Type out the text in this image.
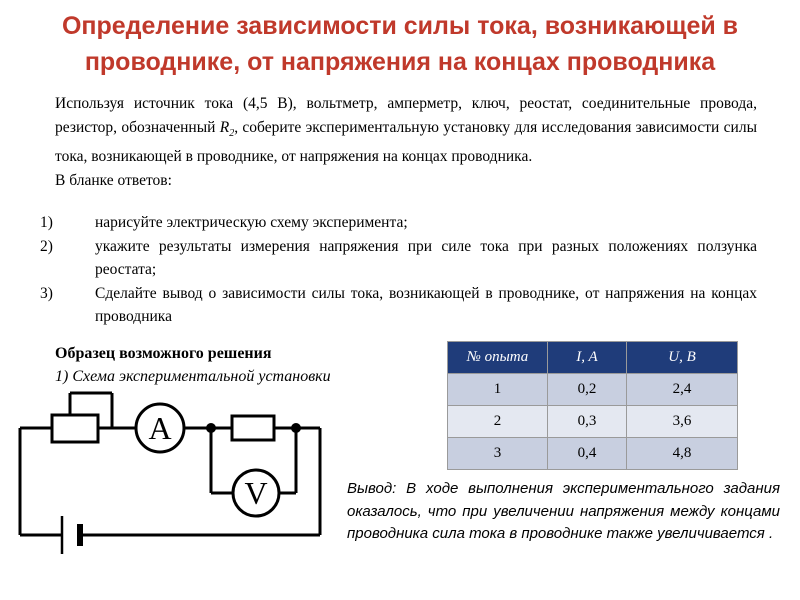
Определение зависимости силы тока, возникающей в проводнике, от напряжения на концах проводника

Используя источник тока (4,5 В), вольтметр, амперметр, ключ, реостат, соединительные провода, резистор, обозначенный $R_2$, соберите экспериментальную установку для исследования зависимости силы тока, возникающей в проводнике, от напряжения на концах проводника.

В бланке ответов:

1)	нарисуйте электрическую схему эксперимента;
2)	укажите результаты измерения напряжения при силе тока при разных положениях ползунка реостата;
3)	Сделайте вывод о зависимости силы тока, возникающей в проводнике, от напряжения на концах проводника
Образец возможного решения
1) Схема экспериментальной установки
A
V
№ опыта	I, A	U, B
1	0,2	2,4
2	0,3	3,6
3	0,4	4,8
Вывод: В ходе выполнения экспериментального задания оказалось, что при увеличении напряжения между концами проводника сила тока в проводнике также увеличивается .
